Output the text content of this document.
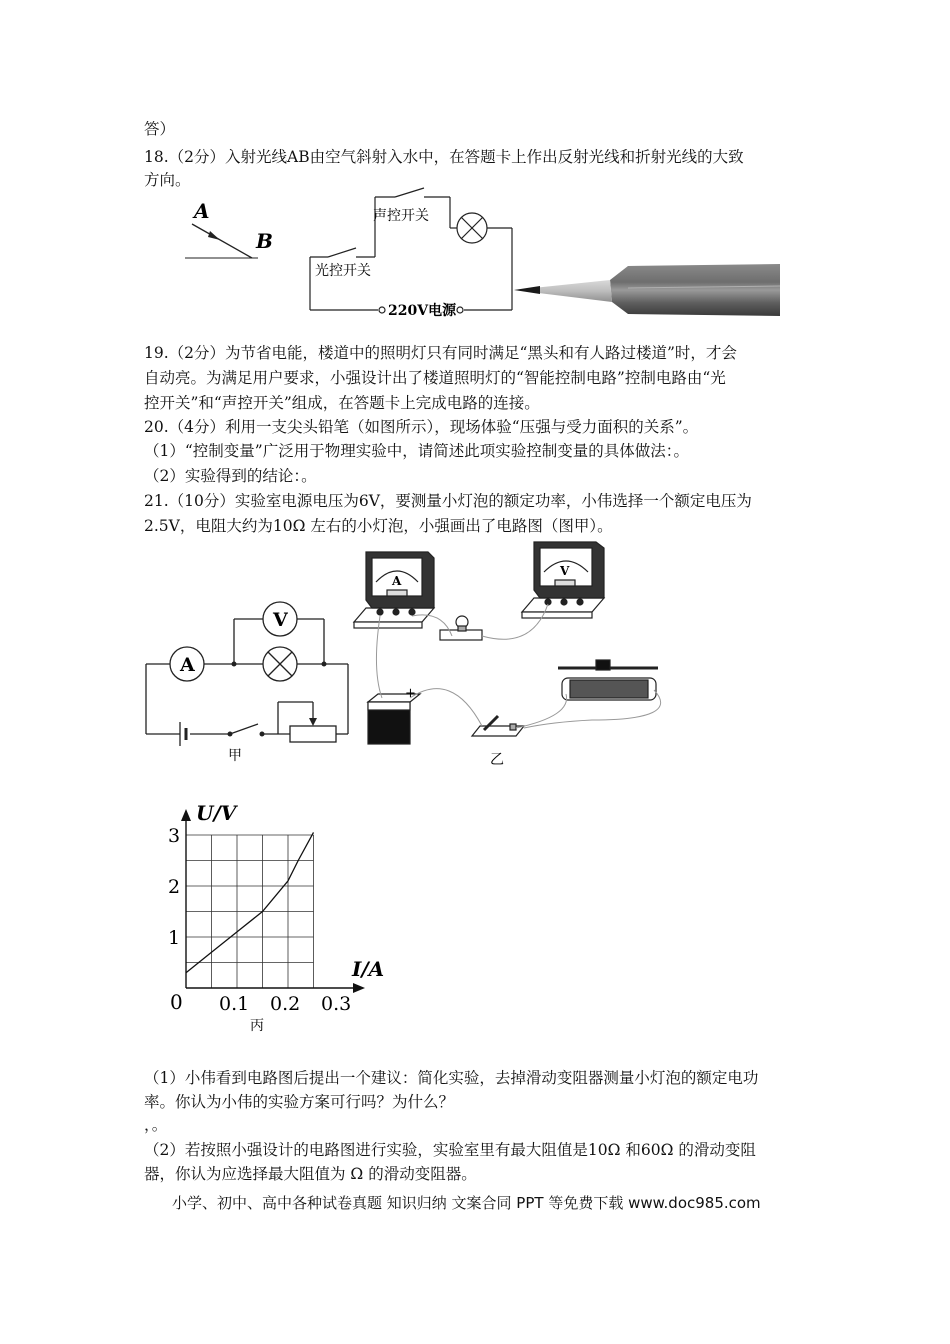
答）
18.（2分）入射光线AB由空气斜射入水中，在答题卡上作出反射光线和折射光线的大致
方向。
A
B
声控开关
光控开关
220V电源
19.（2分）为节省电能，楼道中的照明灯只有同时满足“黑头和有人路过楼道”时，才会
自动亮。为满足用户要求，小强设计出了楼道照明灯的“智能控制电路”控制电路由“光
控开关”和“声控开关”组成，在答题卡上完成电路的连接。
20.（4分）利用一支尖头铅笔（如图所示），现场体验“压强与受力面积的关系”。
（1）“控制变量”广泛用于物理实验中，请简述此项实验控制变量的具体做法：。
（2）实验得到的结论：。
21.（10分）实验室电源电压为6V，要测量小灯泡的额定功率，小伟选择一个额定电压为
2.5V，电阻大约为10Ω 左右的小灯泡，小强画出了电路图（图甲）。
A
V
甲
+
A
V
乙
0.1 0.2 0.3
1
2
3
U/V
I/A
0
丙
（1）小伟看到电路图后提出一个建议：简化实验，去掉滑动变阻器测量小灯泡的额定电功
率。你认为小伟的实验方案可行吗？为什么？
，。
（2）若按照小强设计的电路图进行实验，实验室里有最大阻值是10Ω 和60Ω 的滑动变阻
器，你认为应选择最大阻值为 Ω 的滑动变阻器。
小学、初中、高中各种试卷真题 知识归纳 文案合同 PPT 等免费下载 www.doc985.com
